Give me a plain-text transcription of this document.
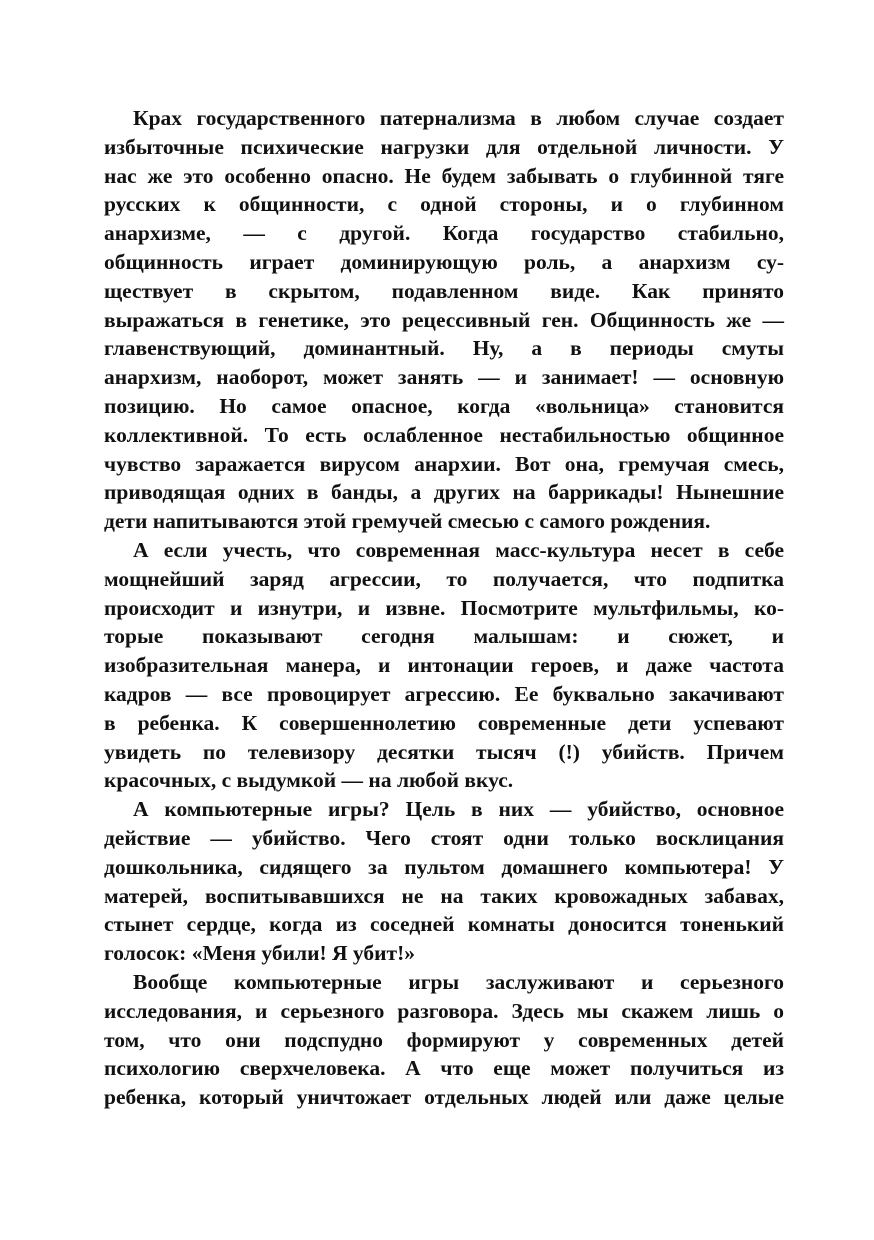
Крах государственного патернализма в любом случае создает
избыточные психические нагрузки для отдельной личности. У
нас же это особенно опасно. Не будем забывать о глубинной тяге
русских к общинности, с одной стороны, и о глубинном
анархизме, — с другой. Когда государство стабильно,
общинность играет доминирующую роль, а анархизм су-
ществует в скрытом, подавленном виде. Как принято
выражаться в генетике, это рецессивный ген. Общинность же —
главенствующий, доминантный. Ну, а в периоды смуты
анархизм, наоборот, может занять — и занимает! — основную
позицию. Но самое опасное, когда «вольница» становится
коллективной. То есть ослабленное нестабильностью общинное
чувство заражается вирусом анархии. Вот она, гремучая смесь,
приводящая одних в банды, а других на баррикады! Нынешние
дети напитываются этой гремучей смесью с самого рождения.
А если учесть, что современная масс-культура несет в себе
мощнейший заряд агрессии, то получается, что подпитка
происходит и изнутри, и извне. Посмотрите мультфильмы, ко-
торые показывают сегодня малышам: и сюжет, и
изобразительная манера, и интонации героев, и даже частота
кадров — все провоцирует агрессию. Ее буквально закачивают
в ребенка. К совершеннолетию современные дети успевают
увидеть по телевизору десятки тысяч (!) убийств. Причем
красочных, с выдумкой — на любой вкус.
А компьютерные игры? Цель в них — убийство, основное
действие — убийство. Чего стоят одни только восклицания
дошкольника, сидящего за пультом домашнего компьютера! У
матерей, воспитывавшихся не на таких кровожадных забавах,
стынет сердце, когда из соседней комнаты доносится тоненький
голосок: «Меня убили! Я убит!»
Вообще компьютерные игры заслуживают и серьезного
исследования, и серьезного разговора. Здесь мы скажем лишь о
том, что они подспудно формируют у современных детей
психологию сверхчеловека. А что еще может получиться из
ребенка, который уничтожает отдельных людей или даже целые
